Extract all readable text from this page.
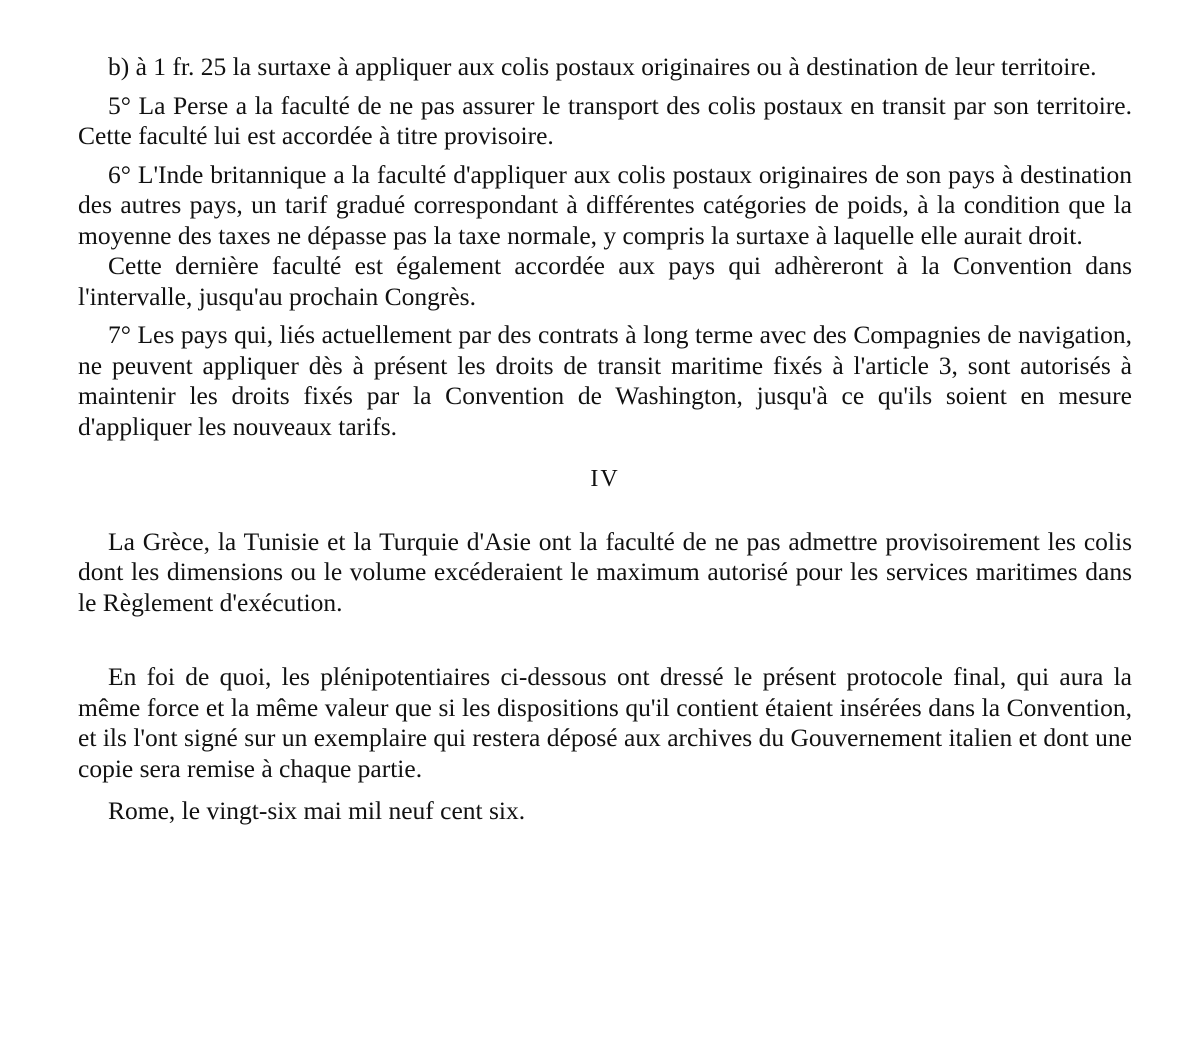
b) à 1 fr. 25 la surtaxe à appliquer aux colis postaux originaires ou à destination de leur territoire.

5° La Perse a la faculté de ne pas assurer le transport des colis postaux en transit par son territoire. Cette faculté lui est accordée à titre provisoire.

6° L'Inde britannique a la faculté d'appliquer aux colis postaux originaires de son pays à destination des autres pays, un tarif gradué correspondant à différentes catégories de poids, à la condition que la moyenne des taxes ne dépasse pas la taxe normale, y compris la surtaxe à laquelle elle aurait droit.

Cette dernière faculté est également accordée aux pays qui adhèreront à la Convention dans l'intervalle, jusqu'au prochain Congrès.

7° Les pays qui, liés actuellement par des contrats à long terme avec des Compagnies de navigation, ne peuvent appliquer dès à présent les droits de transit maritime fixés à l'article 3, sont autorisés à maintenir les droits fixés par la Convention de Washington, jusqu'à ce qu'ils soient en mesure d'appliquer les nouveaux tarifs.

IV

La Grèce, la Tunisie et la Turquie d'Asie ont la faculté de ne pas admettre provisoirement les colis dont les dimensions ou le volume excéderaient le maximum autorisé pour les services maritimes dans le Règlement d'exécution.

En foi de quoi, les plénipotentiaires ci-dessous ont dressé le présent protocole final, qui aura la même force et la même valeur que si les dispositions qu'il contient étaient insérées dans la Convention, et ils l'ont signé sur un exemplaire qui restera déposé aux archives du Gouvernement italien et dont une copie sera remise à chaque partie.

Rome, le vingt-six mai mil neuf cent six.
